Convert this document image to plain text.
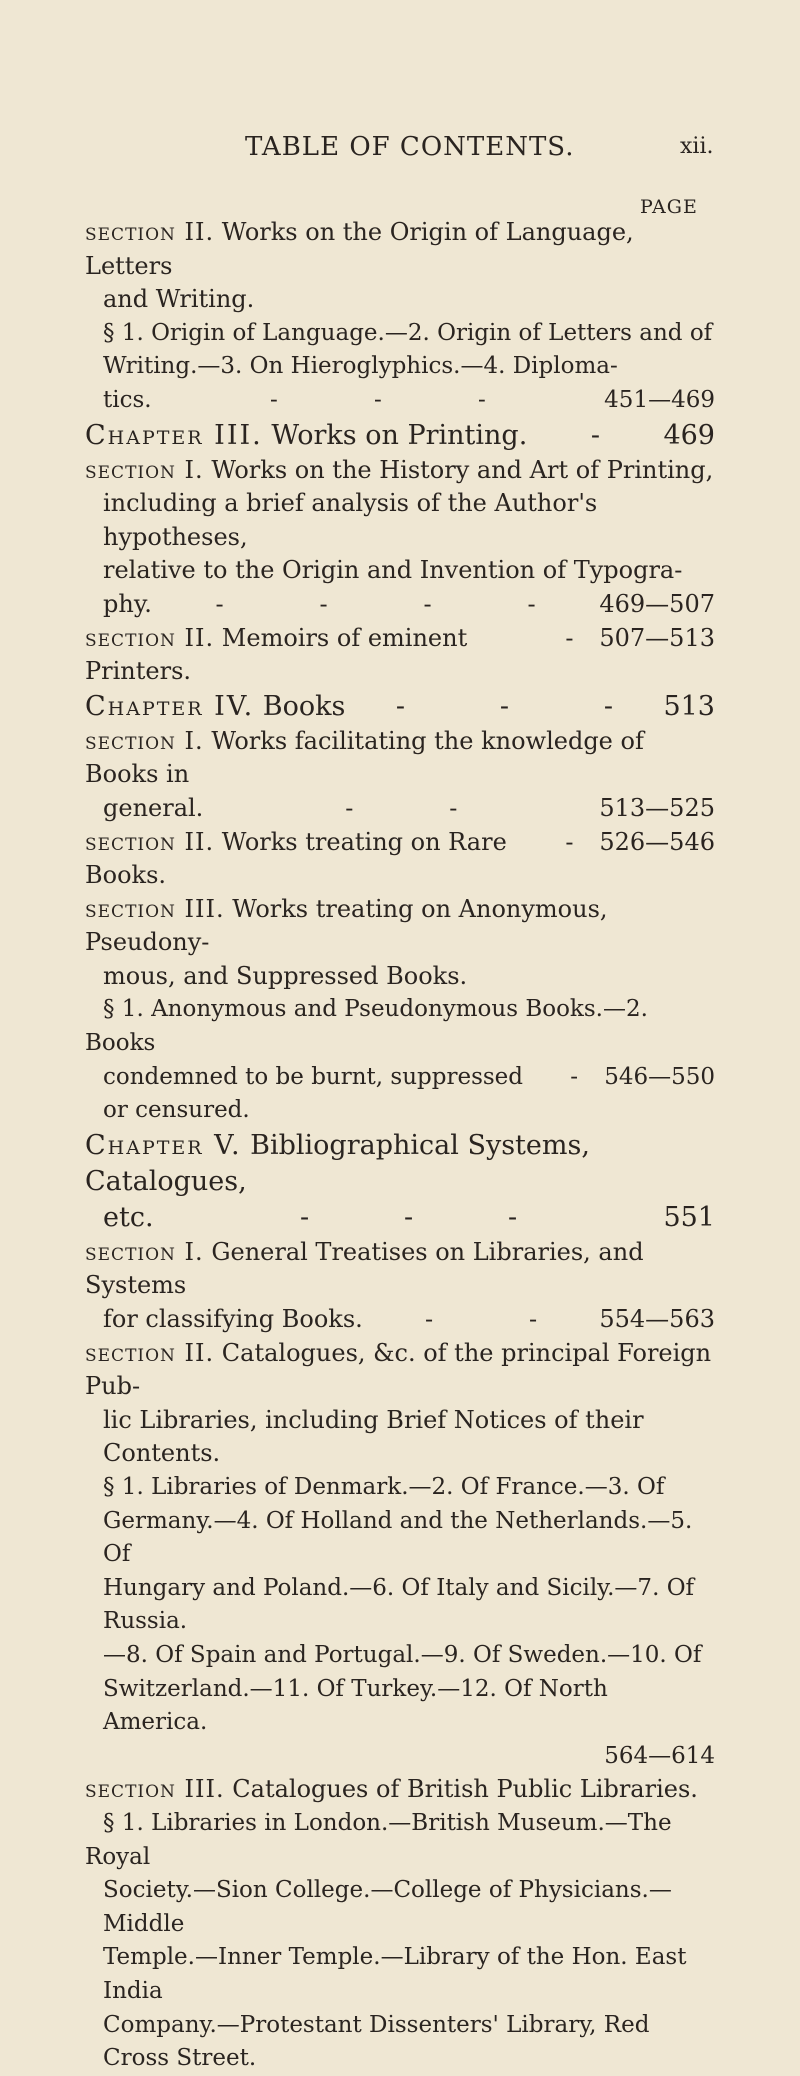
TABLE OF CONTENTS.	xii.
PAGE
section II. Works on the Origin of Language, Letters
and Writing.
§ 1. Origin of Language.—2. Origin of Letters and of
Writing.—3. On Hieroglyphics.—4. Diploma-
tics.	-	-	-	451—469
Chapter III. Works on Printing.	-	469
section I. Works on the History and Art of Printing,
including a brief analysis of the Author's hypotheses,
relative to the Origin and Invention of Typogra-
phy.	-	-	-	-	469—507
section II. Memoirs of eminent Printers.
-	507—513
Chapter IV. Books	-	-	-	513
section I. Works facilitating the knowledge of Books in
general.	-	-	513—525
section II. Works treating on Rare Books.
-	526—546
section III. Works treating on Anonymous, Pseudony-
mous, and Suppressed Books.
§ 1. Anonymous and Pseudonymous Books.—2. Books
condemned to be burnt, suppressed or censured.
-	546—550
Chapter V. Bibliographical Systems, Catalogues,
etc.	-	-	-	551
section I. General Treatises on Libraries, and Systems
for classifying Books.	-	-	554—563
section II. Catalogues, &c. of the principal Foreign Pub-
lic Libraries, including Brief Notices of their Contents.
§ 1. Libraries of Denmark.—2. Of France.—3. Of
Germany.—4. Of Holland and the Netherlands.—5. Of
Hungary and Poland.—6. Of Italy and Sicily.—7. Of Russia.
—8. Of Spain and Portugal.—9. Of Sweden.—10. Of
Switzerland.—11. Of Turkey.—12. Of North America.
564—614
section III. Catalogues of British Public Libraries.
§ 1. Libraries in London.—British Museum.—The Royal
Society.—Sion College.—College of Physicians.—Middle
Temple.—Inner Temple.—Library of the Hon. East India
Company.—Protestant Dissenters' Library, Red Cross Street.
